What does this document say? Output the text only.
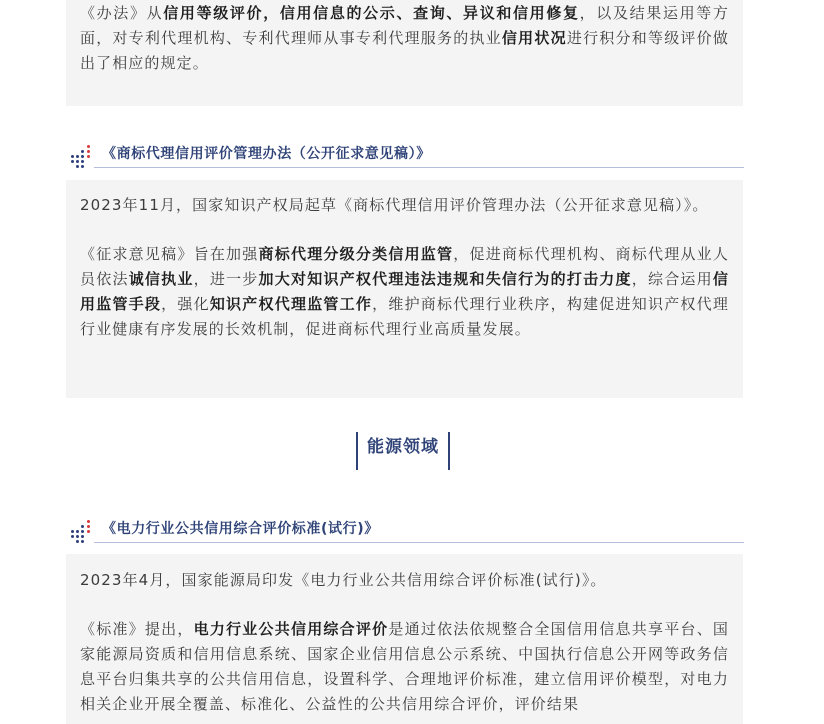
《办法》从信用等级评价，信用信息的公示、查询、异议和信用修复，以及结果运用等方面，对专利代理机构、专利代理师从事专利代理服务的执业信用状况进行积分和等级评价做出了相应的规定。

《商标代理信用评价管理办法（公开征求意见稿）》

2023年11月，国家知识产权局起草《商标代理信用评价管理办法（公开征求意见稿）》。

《征求意见稿》旨在加强商标代理分级分类信用监管，促进商标代理机构、商标代理从业人员依法诚信执业，进一步加大对知识产权代理违法违规和失信行为的打击力度，综合运用信用监管手段，强化知识产权代理监管工作，维护商标代理行业秩序，构建促进知识产权代理行业健康有序发展的长效机制，促进商标代理行业高质量发展。

能源领域
《电力行业公共信用综合评价标准(试行)》

2023年4月，国家能源局印发《电力行业公共信用综合评价标准(试行)》。

《标准》提出，电力行业公共信用综合评价是通过依法依规整合全国信用信息共享平台、国家能源局资质和信用信息系统、国家企业信用信息公示系统、中国执行信息公开网等政务信息平台归集共享的公共信用信息，设置科学、合理地评价标准，建立信用评价模型，对电力相关企业开展全覆盖、标准化、公益性的公共信用综合评价，评价结果
